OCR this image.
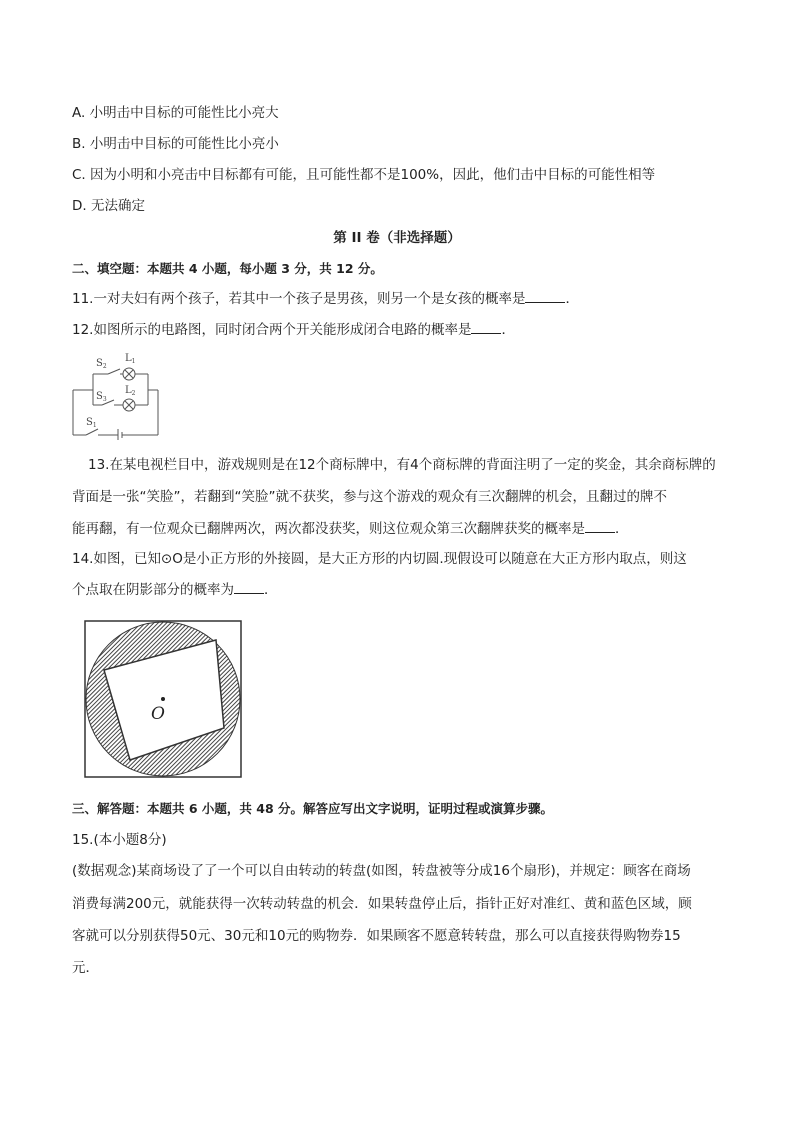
A. 小明击中目标的可能性比小亮大
B. 小明击中目标的可能性比小亮小
C. 因为小明和小亮击中目标都有可能，且可能性都不是100%，因此，他们击中目标的可能性相等
D. 无法确定
第 II 卷（非选择题）
二、填空题：本题共 4 小题，每小题 3 分，共 12 分。
11.一对夫妇有两个孩子，若其中一个孩子是男孩，则另一个是女孩的概率是	．
12.如图所示的电路图，同时闭合两个开关能形成闭合电路的概率是 ．
$S_2$
$L_1$
$S_3$
$L_2$
$S_1$
13.在某电视栏目中，游戏规则是在12个商标牌中，有4个商标牌的背面注明了一定的奖金，其余商标牌的
背面是一张“笑脸”，若翻到“笑脸”就不获奖，参与这个游戏的观众有三次翻牌的机会，且翻过的牌不
能再翻，有一位观众已翻牌两次，两次都没获奖，则这位观众第三次翻牌获奖的概率是 ．
14.如图，已知⊙O是小正方形的外接圆，是大正方形的内切圆.现假设可以随意在大正方形内取点，则这
个点取在阴影部分的概率为 ．
O
三、解答题：本题共 6 小题，共 48 分。解答应写出文字说明，证明过程或演算步骤。
15.(本小题8分)
(数据观念)某商场设了了一个可以自由转动的转盘(如图，转盘被等分成16个扇形)，并规定：顾客在商场
消费每满200元，就能获得一次转动转盘的机会．如果转盘停止后，指针正好对准红、黄和蓝色区域，顾
客就可以分别获得50元、30元和10元的购物券．如果顾客不愿意转转盘，那么可以直接获得购物券15
元．
